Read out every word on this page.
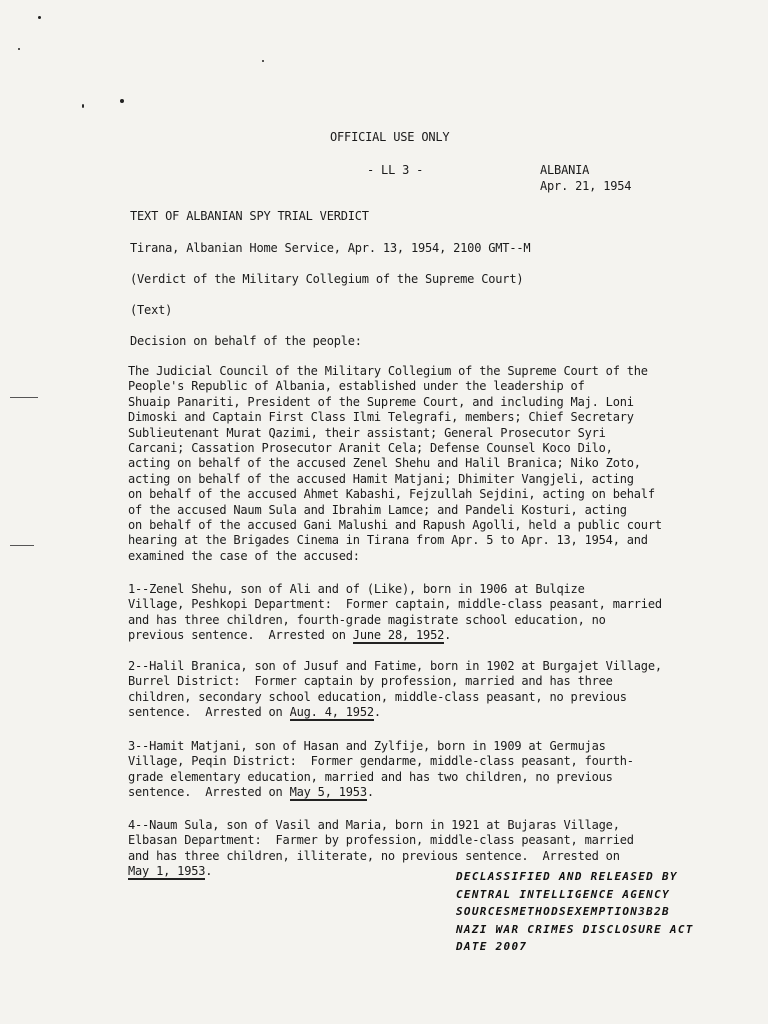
OFFICIAL USE ONLY
- LL 3 -	ALBANIA
Apr. 21, 1954
TEXT OF ALBANIAN SPY TRIAL VERDICT
Tirana, Albanian Home Service, Apr. 13, 1954, 2100 GMT--M
(Verdict of the Military Collegium of the Supreme Court)
(Text)
Decision on behalf of the people:
The Judicial Council of the Military Collegium of the Supreme Court of the
People's Republic of Albania, established under the leadership of
Shuaip Panariti, President of the Supreme Court, and including Maj. Loni
Dimoski and Captain First Class Ilmi Telegrafi, members; Chief Secretary
Sublieutenant Murat Qazimi, their assistant; General Prosecutor Syri
Carcani; Cassation Prosecutor Aranit Cela; Defense Counsel Koco Dilo,
acting on behalf of the accused Zenel Shehu and Halil Branica; Niko Zoto,
acting on behalf of the accused Hamit Matjani; Dhimiter Vangjeli, acting
on behalf of the accused Ahmet Kabashi, Fejzullah Sejdini, acting on behalf
of the accused Naum Sula and Ibrahim Lamce; and Pandeli Kosturi, acting
on behalf of the accused Gani Malushi and Rapush Agolli, held a public court
hearing at the Brigades Cinema in Tirana from Apr. 5 to Apr. 13, 1954, and
examined the case of the accused:
1--Zenel Shehu, son of Ali and of (Like), born in 1906 at Bulqize
Village, Peshkopi Department:  Former captain, middle-class peasant, married
and has three children, fourth-grade magistrate school education, no
previous sentence.  Arrested on June 28, 1952.
2--Halil Branica, son of Jusuf and Fatime, born in 1902 at Burgajet Village,
Burrel District:  Former captain by profession, married and has three
children, secondary school education, middle-class peasant, no previous
sentence.  Arrested on Aug. 4, 1952.
3--Hamit Matjani, son of Hasan and Zylfije, born in 1909 at Germujas
Village, Peqin District:  Former gendarme, middle-class peasant, fourth-
grade elementary education, married and has two children, no previous
sentence.  Arrested on May 5, 1953.
4--Naum Sula, son of Vasil and Maria, born in 1921 at Bujaras Village,
Elbasan Department:  Farmer by profession, middle-class peasant, married
and has three children, illiterate, no previous sentence.  Arrested on
May 1, 1953.	DECLASSIFIED AND RELEASED BY
CENTRAL INTELLIGENCE AGENCY
SOURCESMETHODSEXEMPTION3B2B
NAZI WAR CRIMES DISCLOSURE ACT
DATE 2007
